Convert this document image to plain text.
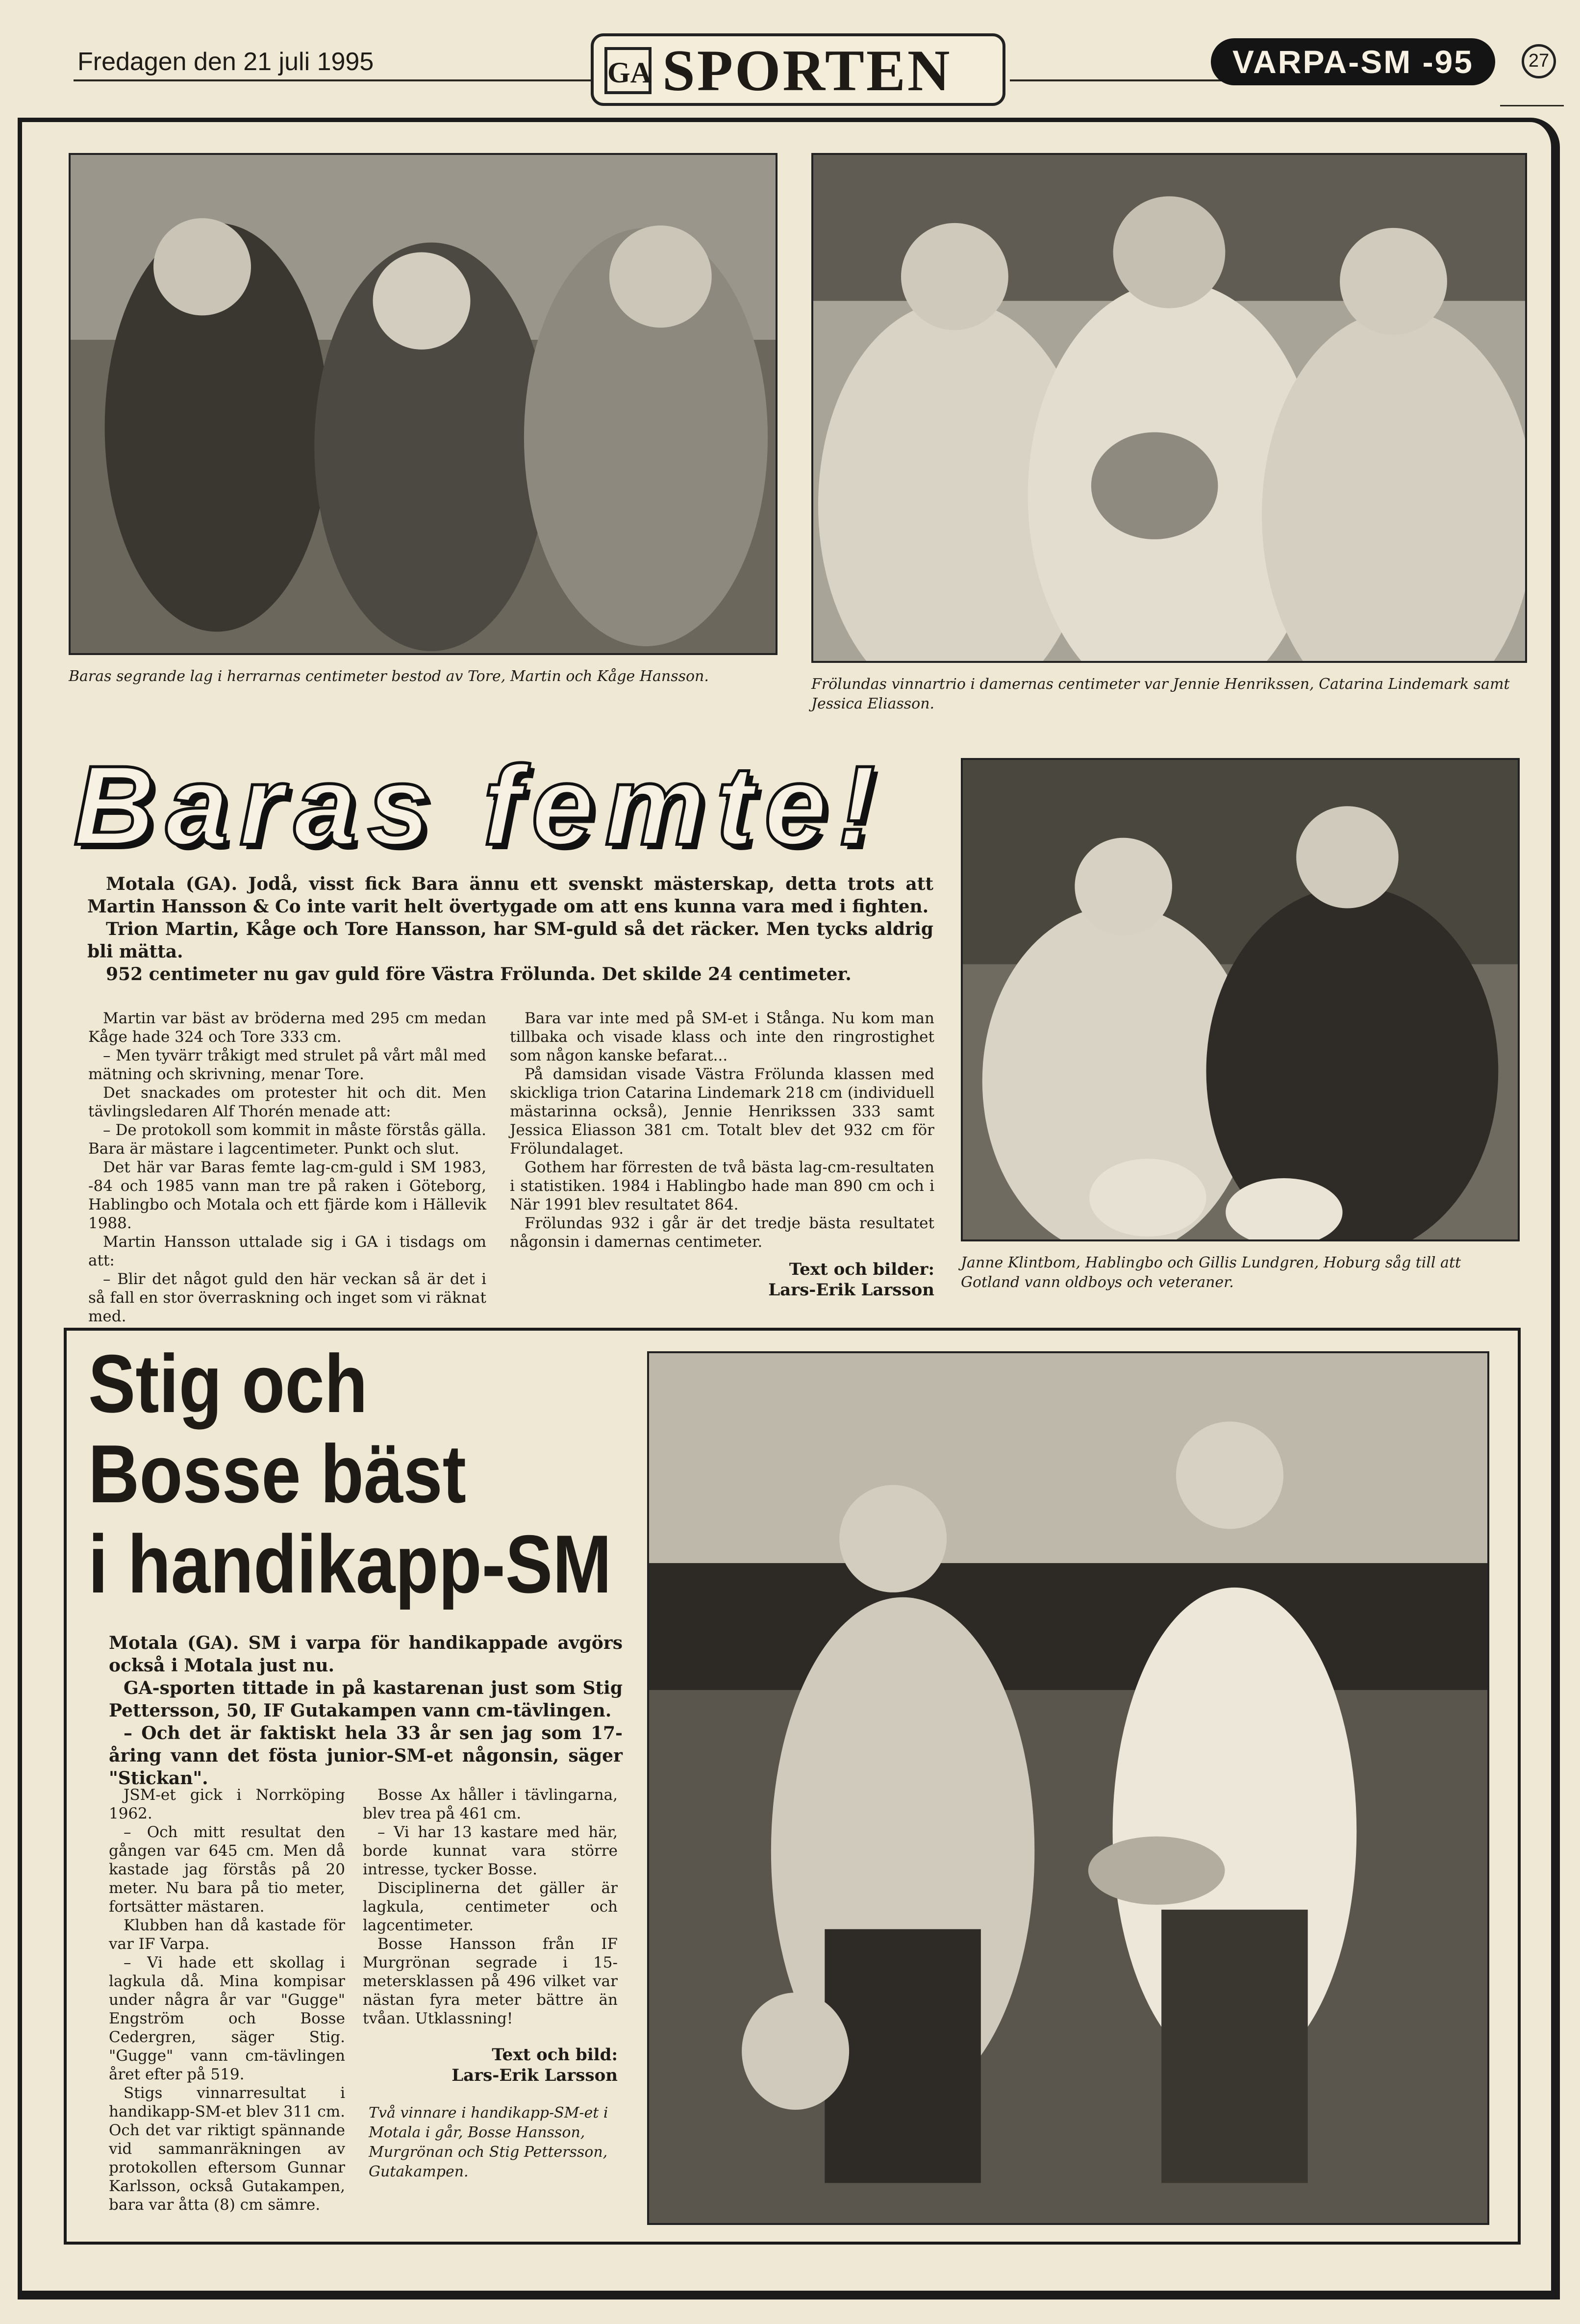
Fredagen den 21 juli 1995	GA SPORTEN	VARPA-SM -95	27
Baras segrande lag i herrarnas centimeter bestod av Tore, Martin och Kåge Hansson.	Frölundas vinnartrio i damernas centimeter var Jennie Henrikssen, Catarina Lindemark samt Jessica Eliasson.
Baras femte!

Motala (GA). Jodå, visst fick Bara ännu ett svenskt mästerskap, detta trots att Martin Hansson & Co inte varit helt övertygade om att ens kunna vara med i fighten.

Trion Martin, Kåge och Tore Hansson, har SM-guld så det räcker. Men tycks aldrig bli mätta.

952 centimeter nu gav guld före Västra Frölunda. Det skilde 24 centimeter.

Martin var bäst av bröderna med 295 cm medan Kåge hade 324 och Tore 333 cm.

– Men tyvärr tråkigt med strulet på vårt mål med mätning och skrivning, menar Tore.

Det snackades om protester hit och dit. Men tävlingsledaren Alf Thorén menade att:

– De protokoll som kommit in måste förstås gälla. Bara är mästare i lagcentimeter. Punkt och slut.

Det här var Baras femte lag-cm-guld i SM 1983, -84 och 1985 vann man tre på raken i Göteborg, Hablingbo och Motala och ett fjärde kom i Hällevik 1988.

Martin Hansson uttalade sig i GA i tisdags om att:

– Blir det något guld den här veckan så är det i så fall en stor överraskning och inget som vi räknat med.

Bara var inte med på SM-et i Stånga. Nu kom man tillbaka och visade klass och inte den ringrostighet som någon kanske befarat...

På damsidan visade Västra Frölunda klassen med skickliga trion Catarina Lindemark 218 cm (individuell mästarinna också), Jennie Henrikssen 333 samt Jessica Eliasson 381 cm. Totalt blev det 932 cm för Frölundalaget.

Gothem har förresten de två bästa lag-cm-resultaten i statistiken. 1984 i Hablingbo hade man 890 cm och i När 1991 blev resultatet 864.

Frölundas 932 i går är det tredje bästa resultatet någonsin i damernas centimeter.

Text och bilder:
Lars-Erik Larsson
Janne Klintbom, Hablingbo och Gillis Lundgren, Hoburg såg till att Gotland vann oldboys och veteraner.
Stig och
Bosse bäst
i handikapp-SM

Motala (GA). SM i varpa för handikappade avgörs också i Motala just nu.

GA-sporten tittade in på kastarenan just som Stig Pettersson, 50, IF Gutakampen vann cm-tävlingen.

– Och det är faktiskt hela 33 år sen jag som 17-åring vann det fösta junior-SM-et någonsin, säger "Stickan".

JSM-et gick i Norrköping 1962.

– Och mitt resultat den gången var 645 cm. Men då kastade jag förstås på 20 meter. Nu bara på tio meter, fortsätter mästaren.

Klubben han då kastade för var IF Varpa.

– Vi hade ett skollag i lagkula då. Mina kompisar under några år var "Gugge" Engström och Bosse Cedergren, säger Stig. "Gugge" vann cm-tävlingen året efter på 519.

Stigs vinnarresultat i handikapp-SM-et blev 311 cm. Och det var riktigt spännande vid sammanräkningen av protokollen eftersom Gunnar Karlsson, också Gutakampen, bara var åtta (8) cm sämre.

Bosse Ax håller i tävlingarna, blev trea på 461 cm.

– Vi har 13 kastare med här, borde kunnat vara större intresse, tycker Bosse.

Disciplinerna det gäller är lagkula, centimeter och lagcentimeter.

Bosse Hansson från IF Murgrönan segrade i 15-metersklassen på 496 vilket var nästan fyra meter bättre än tvåan. Utklassning!

Text och bild:
Lars-Erik Larsson
Två vinnare i handikapp-SM-et i Motala i går, Bosse Hansson, Murgrönan och Stig Pettersson, Gutakampen.
